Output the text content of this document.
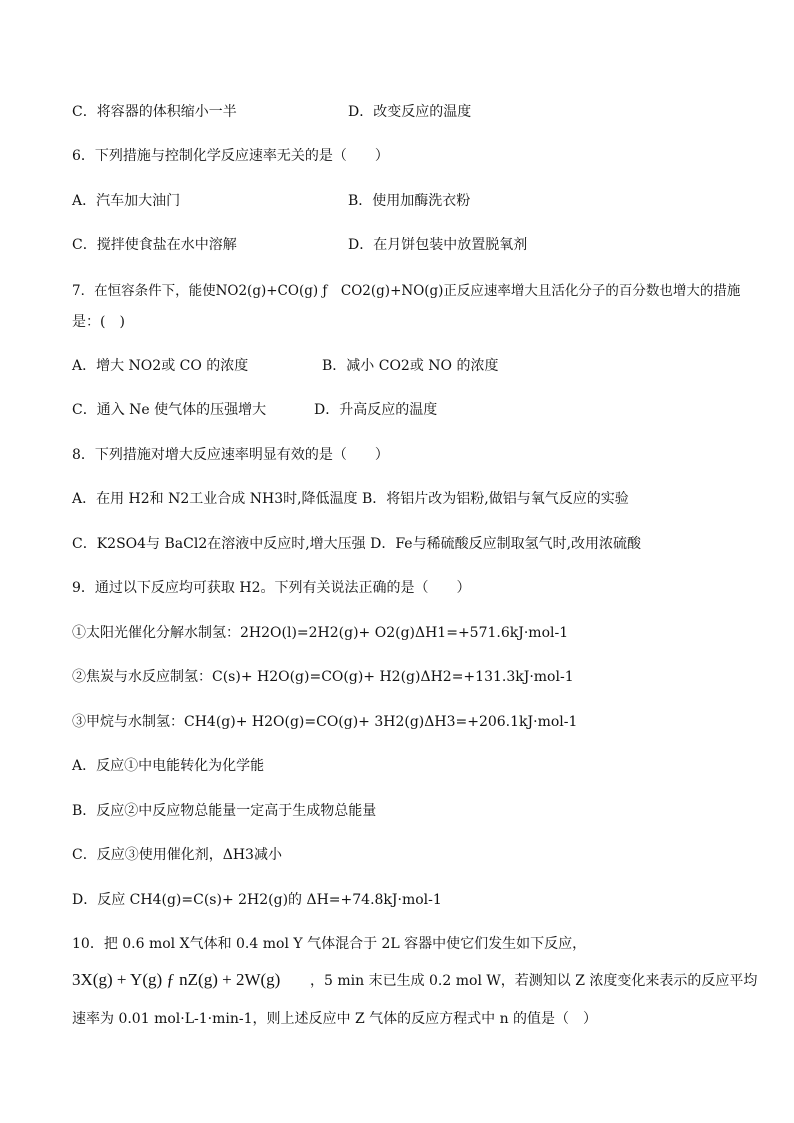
C．将容器的体积缩小一半	D．改变反应的温度
6．下列措施与控制化学反应速率无关的是（　　）
A．汽车加大油门	B．使用加酶洗衣粉
C．搅拌使食盐在水中溶解	D．在月饼包装中放置脱氧剂
7．在恒容条件下，能使NO2(g)+CO(g) ƒ　CO2(g)+NO(g)正反应速率增大且活化分子的百分数也增大的措施
是：(　)
A．增大 NO2或 CO 的浓度	B．减小 CO2或 NO 的浓度
C．通入 Ne 使气体的压强增大	D．升高反应的温度
8．下列措施对增大反应速率明显有效的是（　　）
A．在用 H2和 N2工业合成 NH3时,降低温度 B．将铝片改为铝粉,做铝与氧气反应的实验
C．K2SO4与 BaCl2在溶液中反应时,增大压强 D．Fe与稀硫酸反应制取氢气时,改用浓硫酸
9．通过以下反应均可获取 H2。下列有关说法正确的是（　　）
①太阳光催化分解水制氢：2H2O(l)=2H2(g)+ O2(g)ΔH1=+571.6kJ·mol-1
②焦炭与水反应制氢：C(s)+ H2O(g)=CO(g)+ H2(g)ΔH2=+131.3kJ·mol-1
③甲烷与水制氢：CH4(g)+ H2O(g)=CO(g)+ 3H2(g)ΔH3=+206.1kJ·mol-1
A．反应①中电能转化为化学能
B．反应②中反应物总能量一定高于生成物总能量
C．反应③使用催化剂，ΔH3减小
D．反应 CH4(g)=C(s)+ 2H2(g)的 ΔH=+74.8kJ·mol-1
10．把 0.6 mol X气体和 0.4 mol Y 气体混合于 2L 容器中使它们发生如下反应，
3X(g) + Y(g) ƒ nZ(g) + 2W(g) ，5 min 末已生成 0.2 mol W，若测知以 Z 浓度变化来表示的反应平均
速率为 0.01 mol·L-1·min-1，则上述反应中 Z 气体的反应方程式中 n 的值是（　）
